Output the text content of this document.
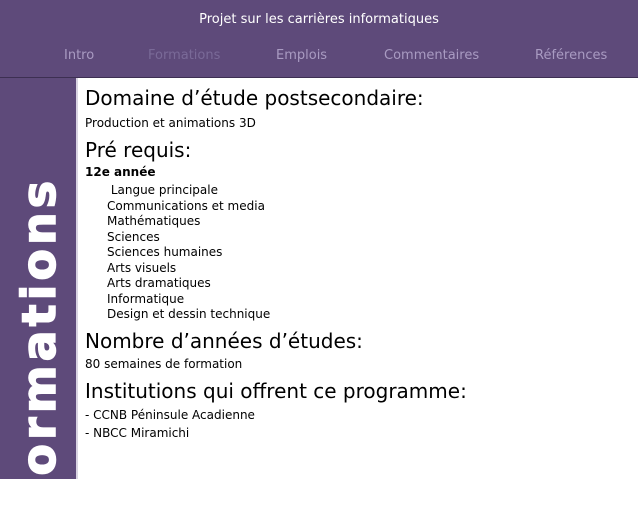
Projet sur les carrières informatiques
Intro	Formations	Emplois	Commentaires	Références
Formations
Domaine d’étude postsecondaire:
Production et animations 3D
Pré requis:
12e année
Langue principale
Communications et media
Mathématiques
Sciences
Sciences humaines
Arts visuels
Arts dramatiques
Informatique
Design et dessin technique
Nombre d’années d’études:
80 semaines de formation
Institutions qui offrent ce programme:
- CCNB Péninsule Acadienne
- NBCC Miramichi
